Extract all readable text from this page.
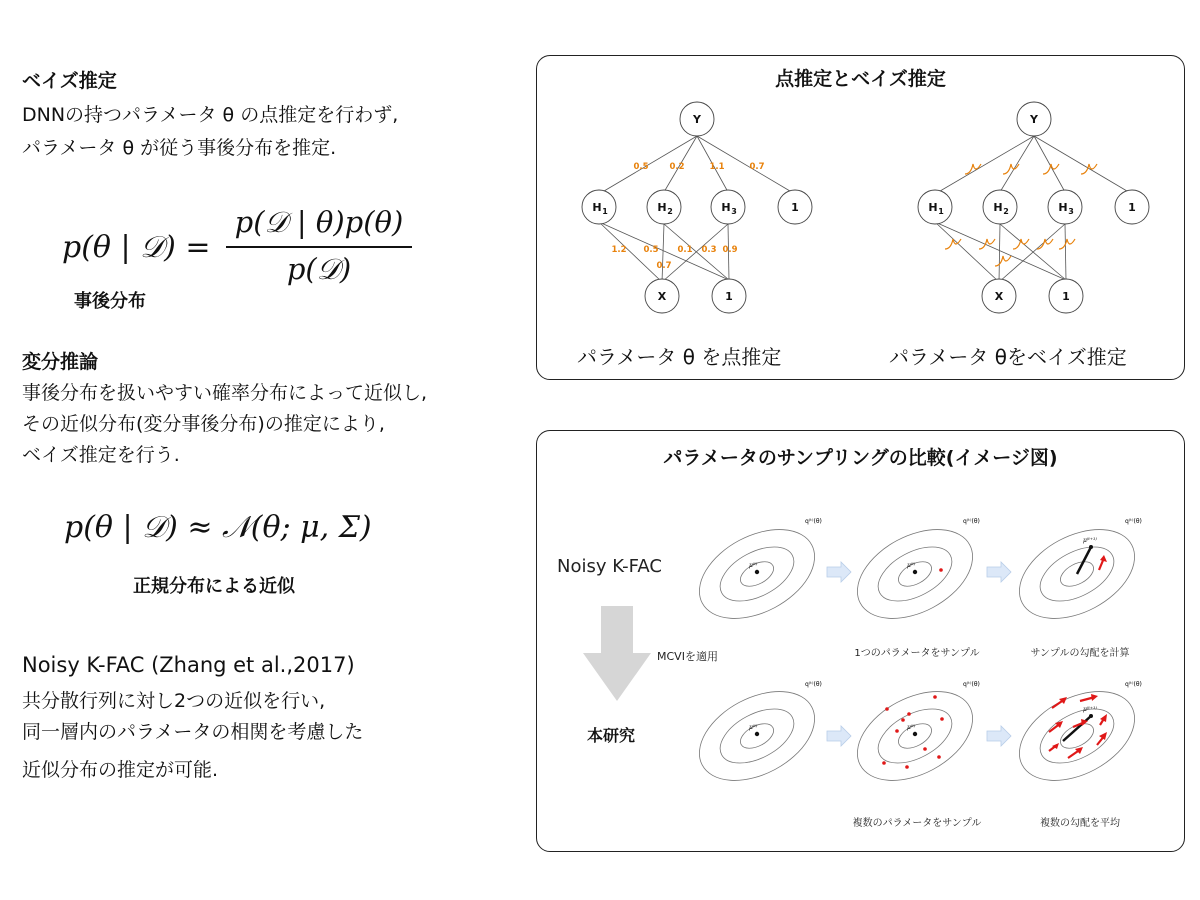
ベイズ推定
DNNの持つパラメータ θ の点推定を行わず,
パラメータ θ が従う事後分布を推定.
p(θ | 𝒟) =
p(𝒟 | θ)p(θ)
p(𝒟)
事後分布
変分推論
事後分布を扱いやすい確率分布によって近似し,
その近似分布(変分事後分布)の推定により,
ベイズ推定を行う.
p(θ | 𝒟) ≈ 𝒩(θ; μ, Σ)
正規分布による近似
Noisy K-FAC (Zhang et al.,2017)
共分散行列に対し2つの近似を行い,
同一層内のパラメータの相関を考慮した
近似分布の推定が可能.
点推定とベイズ推定
Y
H 1	H 2	H 3	1
X	1
0.5 0.2	1.1	0.7
1.2 0.5
0.7
0.1 0.3 0.9
Y
H 1	H 2	H 3	1
X	1
パラメータ θ を点推定	パラメータ θをベイズ推定
パラメータのサンプリングの比較(イメージ図)
Noisy K-FAC
本研究
MCVIを適用
μ⁽ᵗ⁾
q⁽ᵗ⁾(θ)
μ⁽ᵗ⁾
q⁽ᵗ⁾(θ)
μ⁽ᵗ⁺¹⁾
q⁽ᵗ⁾(θ)
1つのパラメータをサンプル	サンプルの勾配を計算
μ⁽ᵗ⁾
q⁽ᵗ⁾(θ)
μ⁽ᵗ⁾
q⁽ᵗ⁾(θ)
μ⁽ᵗ⁺¹⁾
q⁽ᵗ⁾(θ)
複数のパラメータをサンプル	複数の勾配を平均
